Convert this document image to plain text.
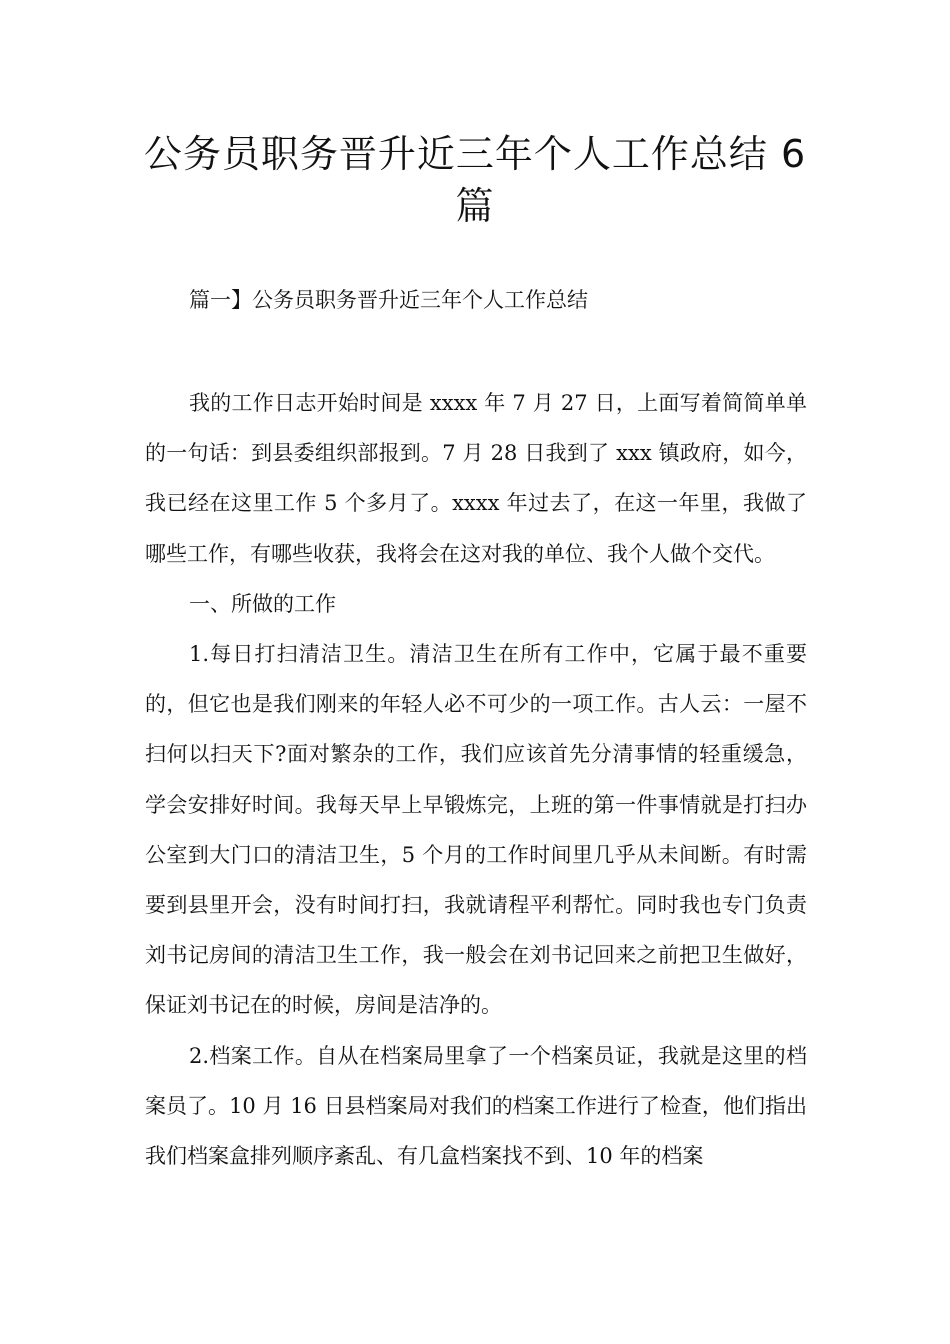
公务员职务晋升近三年个人工作总结 6
篇

篇一】公务员职务晋升近三年个人工作总结

我的工作日志开始时间是 xxxx 年 7 月 27 日，上面写着简简单单的一句话：到县委组织部报到。7 月 28 日我到了 xxx 镇政府，如今，我已经在这里工作 5 个多月了。xxxx 年过去了，在这一年里，我做了哪些工作，有哪些收获，我将会在这对我的单位、我个人做个交代。

一、所做的工作

1.每日打扫清洁卫生。清洁卫生在所有工作中，它属于最不重要的，但它也是我们刚来的年轻人必不可少的一项工作。古人云：一屋不扫何以扫天下?面对繁杂的工作，我们应该首先分清事情的轻重缓急，学会安排好时间。我每天早上早锻炼完，上班的第一件事情就是打扫办公室到大门口的清洁卫生，5 个月的工作时间里几乎从未间断。有时需要到县里开会，没有时间打扫，我就请程平利帮忙。同时我也专门负责刘书记房间的清洁卫生工作，我一般会在刘书记回来之前把卫生做好，保证刘书记在的时候，房间是洁净的。

2.档案工作。自从在档案局里拿了一个档案员证，我就是这里的档案员了。10 月 16 日县档案局对我们的档案工作进行了检查，他们指出我们档案盒排列顺序紊乱、有几盒档案找不到、10 年的档案
